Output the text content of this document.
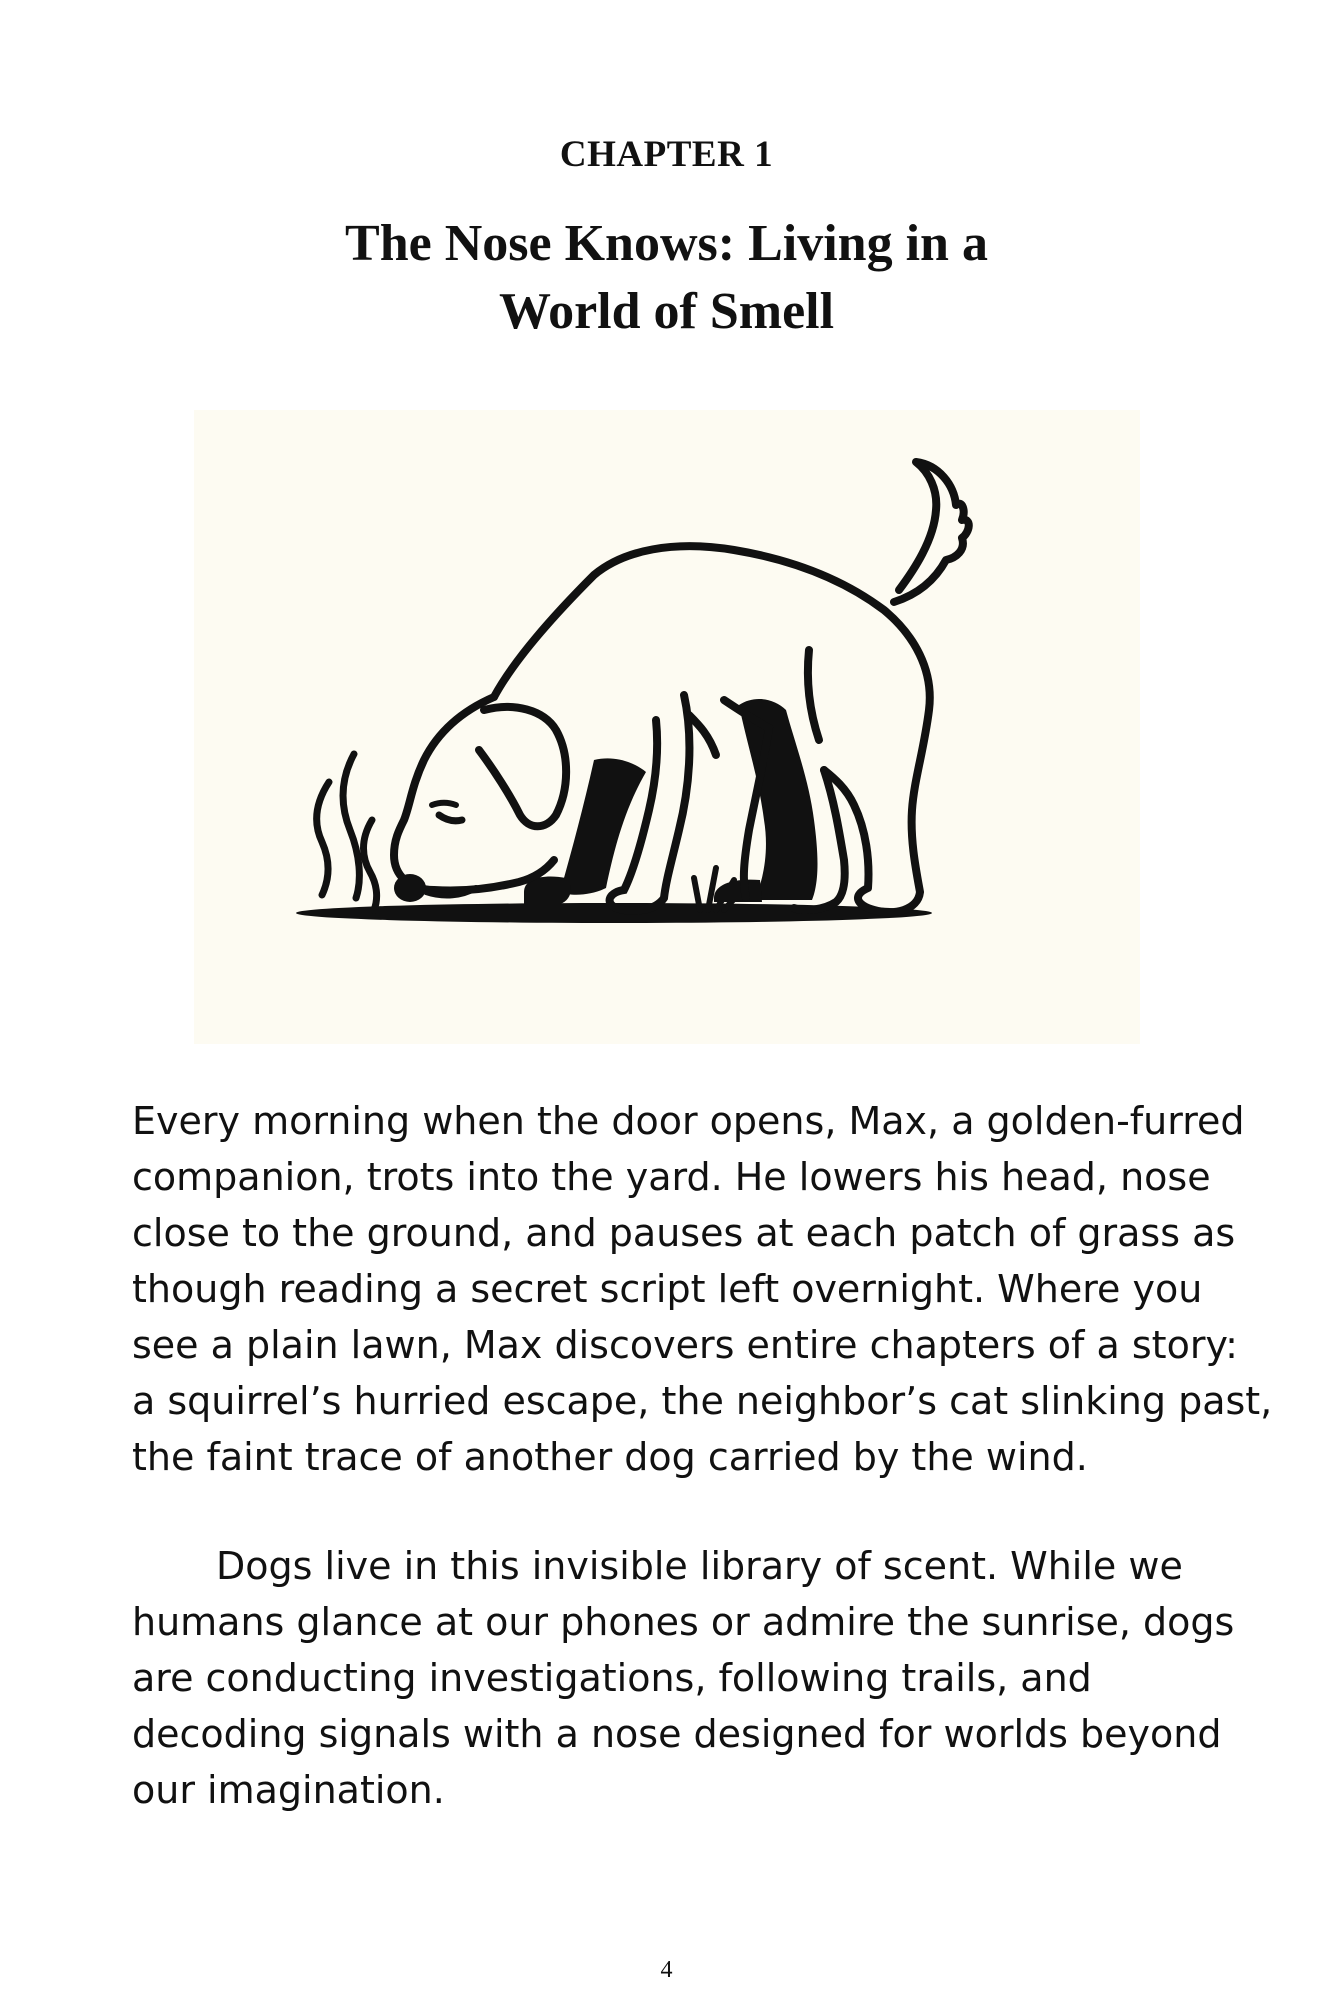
CHAPTER 1
The Nose Knows: Living in a
World of Smell
Every morning when the door opens, Max, a golden-furred
companion, trots into the yard. He lowers his head, nose
close to the ground, and pauses at each patch of grass as
though reading a secret script left overnight. Where you
see a plain lawn, Max discovers entire chapters of a story:
a squirrel’s hurried escape, the neighbor’s cat slinking past,
the faint trace of another dog carried by the wind.
Dogs live in this invisible library of scent. While we
humans glance at our phones or admire the sunrise, dogs
are conducting investigations, following trails, and
decoding signals with a nose designed for worlds beyond
our imagination.

4
